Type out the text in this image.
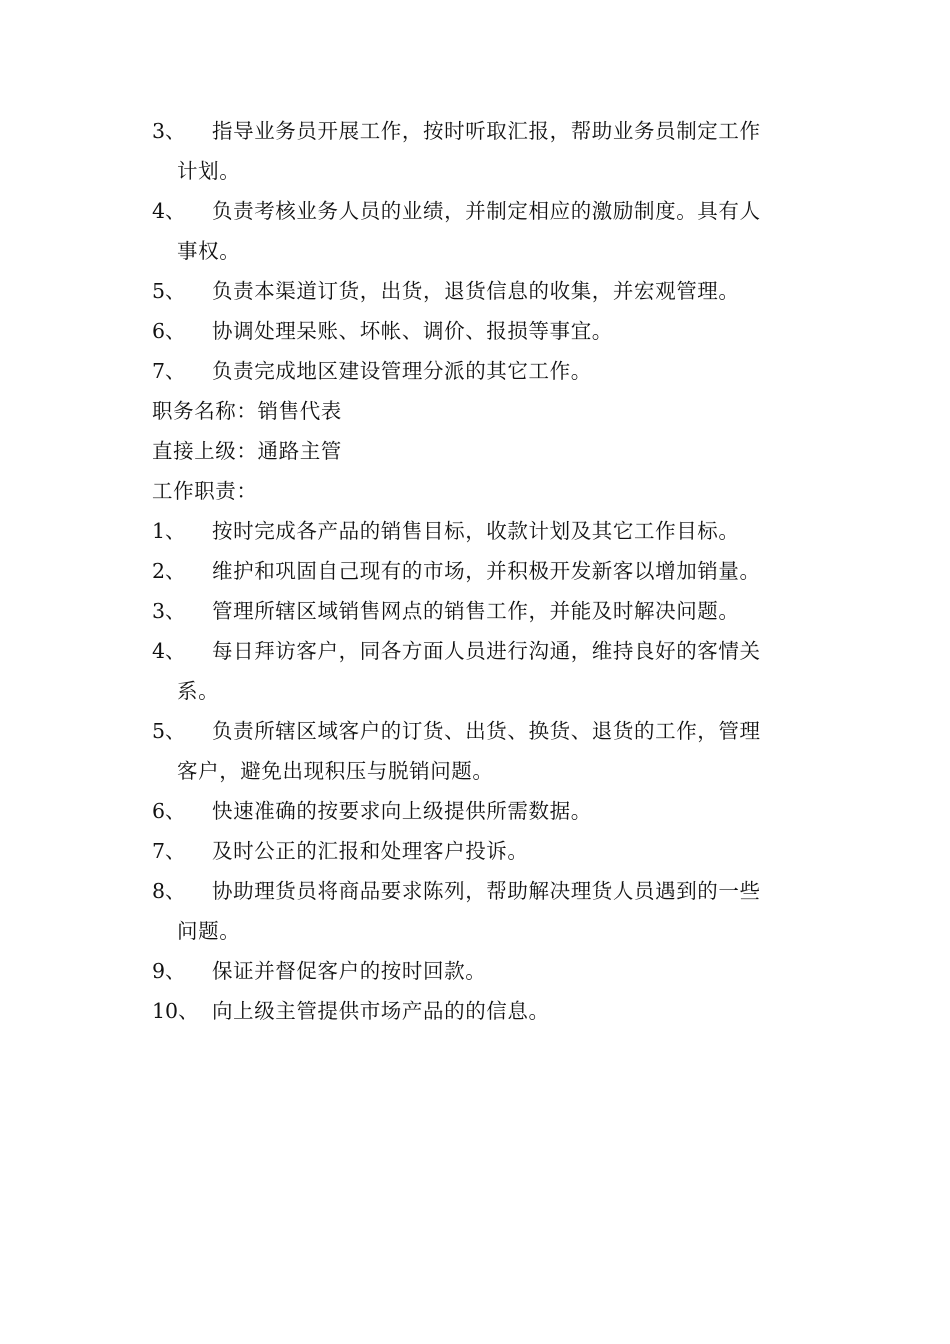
3、	指导业务员开展工作，按时听取汇报，帮助业务员制定工作
计划。
4、	负责考核业务人员的业绩，并制定相应的激励制度。具有人
事权。
5、	负责本渠道订货，出货，退货信息的收集，并宏观管理。
6、	协调处理呆账、坏帐、调价、报损等事宜。
7、	负责完成地区建设管理分派的其它工作。
职务名称：销售代表
直接上级：通路主管
工作职责：
1、	按时完成各产品的销售目标，收款计划及其它工作目标。
2、	维护和巩固自己现有的市场，并积极开发新客以增加销量。
3、	管理所辖区域销售网点的销售工作，并能及时解决问题。
4、	每日拜访客户，同各方面人员进行沟通，维持良好的客情关
系。
5、	负责所辖区域客户的订货、出货、换货、退货的工作，管理
客户，避免出现积压与脱销问题。
6、	快速准确的按要求向上级提供所需数据。
7、	及时公正的汇报和处理客户投诉。
8、	协助理货员将商品要求陈列，帮助解决理货人员遇到的一些
问题。
9、	保证并督促客户的按时回款。
10、 向上级主管提供市场产品的的信息。
